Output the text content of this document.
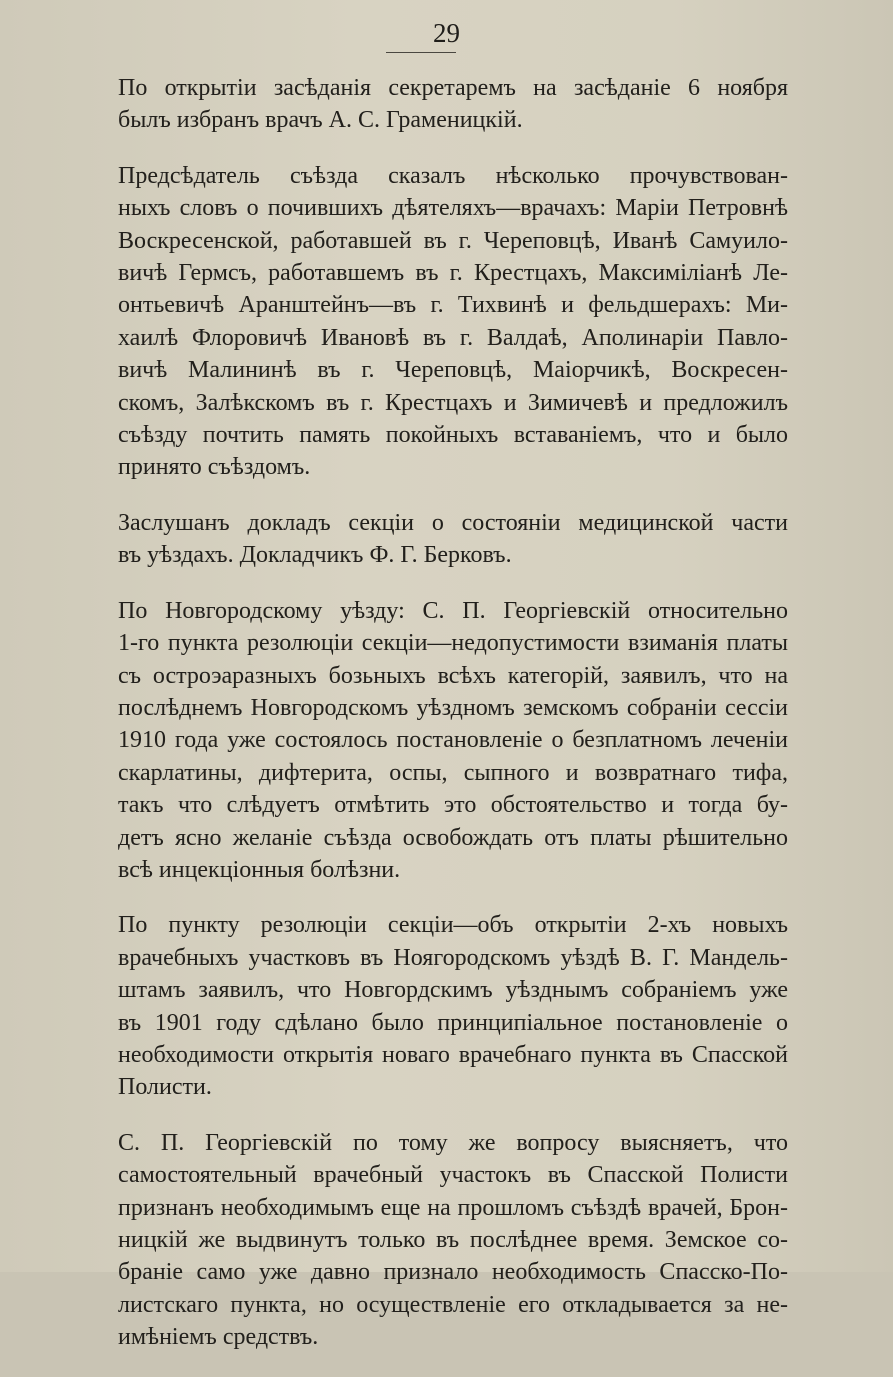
29
По открытіи засѣданія секретаремъ на засѣданіе 6 ноября
былъ избранъ врачъ А. С. Граменицкій.
Предсѣдатель съѣзда сказалъ нѣсколько прочувствован-
ныхъ словъ о почившихъ дѣятеляхъ—врачахъ: Маріи Петровнѣ
Воскресенской, работавшей въ г. Череповцѣ, Иванѣ Самуило-
вичѣ Гермсъ, работавшемъ въ г. Крестцахъ, Максиміліанѣ Ле-
онтьевичѣ Аранштейнъ—въ г. Тихвинѣ и фельдшерахъ: Ми-
хаилѣ Флоровичѣ Ивановѣ въ г. Валдаѣ, Аполинаріи Павло-
вичѣ Малининѣ въ г. Череповцѣ, Маіорчикѣ, Воскресен-
скомъ, Залѣкскомъ въ г. Крестцахъ и Зимичевѣ и предложилъ
съѣзду почтить память покойныхъ вставаніемъ, что и было
принято съѣздомъ.
Заслушанъ докладъ секціи о состояніи медицинской части
въ уѣздахъ. Докладчикъ Ф. Г. Берковъ.
По Новгородскому уѣзду: С. П. Георгіевскій относительно
1-го пункта резолюціи секціи—недопустимости взиманія платы
съ остроэаразныхъ бозьныхъ всѣхъ категорій, заявилъ, что на
послѣднемъ Новгородскомъ уѣздномъ земскомъ собраніи сессіи
1910 года уже состоялось постановленіе о безплатномъ леченіи
скарлатины, дифтерита, оспы, сыпного и возвратнаго тифа,
такъ что слѣдуетъ отмѣтить это обстоятельство и тогда бу-
детъ ясно желаніе съѣзда освобождать отъ платы рѣшительно
всѣ инцекціонныя болѣзни.
По пункту резолюціи секціи—объ открытіи 2-хъ новыхъ
врачебныхъ участковъ въ Ноягородскомъ уѣздѣ В. Г. Мандель-
штамъ заявилъ, что Новгордскимъ уѣзднымъ собраніемъ уже
въ 1901 году сдѣлано было принципіальное постановленіе о
необходимости открытія новаго врачебнаго пункта въ Спасской
Полисти.
С. П. Георгіевскій по тому же вопросу выясняетъ, что
самостоятельный врачебный участокъ въ Спасской Полисти
признанъ необходимымъ еще на прошломъ съѣздѣ врачей, Брон-
ницкій же выдвинутъ только въ послѣднее время. Земское со-
браніе само уже давно признало необходимость Спасско-По-
листскаго пункта, но осуществленіе его откладывается за не-
имѣніемъ средствъ.
